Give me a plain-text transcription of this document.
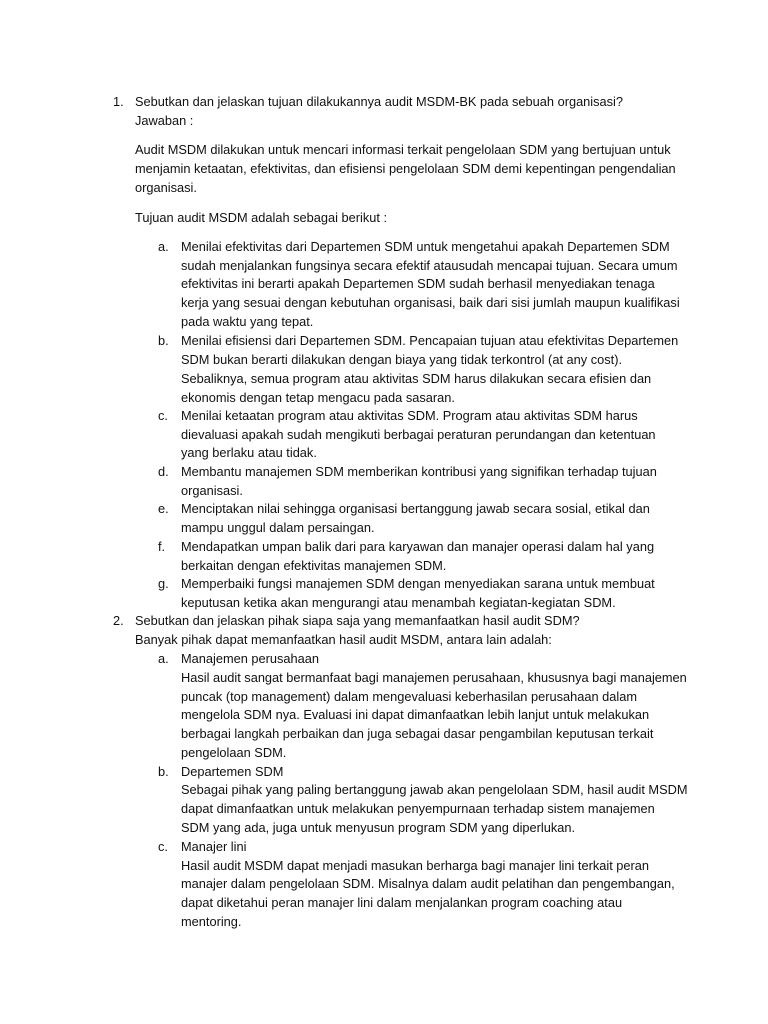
1. Sebutkan dan jelaskan tujuan dilakukannya audit MSDM-BK pada sebuah organisasi?
Jawaban :
Audit MSDM dilakukan untuk mencari informasi terkait pengelolaan SDM yang bertujuan untuk
menjamin ketaatan, efektivitas, dan efisiensi pengelolaan SDM demi kepentingan pengendalian
organisasi.
Tujuan audit MSDM adalah sebagai berikut :
a. Menilai efektivitas dari Departemen SDM untuk mengetahui apakah Departemen SDM
sudah menjalankan fungsinya secara efektif atausudah mencapai tujuan. Secara umum
efektivitas ini berarti apakah Departemen SDM sudah berhasil menyediakan tenaga
kerja yang sesuai dengan kebutuhan organisasi, baik dari sisi jumlah maupun kualifikasi
pada waktu yang tepat.
b. Menilai efisiensi dari Departemen SDM. Pencapaian tujuan atau efektivitas Departemen
SDM bukan berarti dilakukan dengan biaya yang tidak terkontrol (at any cost).
Sebaliknya, semua program atau aktivitas SDM harus dilakukan secara efisien dan
ekonomis dengan tetap mengacu pada sasaran.
c. Menilai ketaatan program atau aktivitas SDM. Program atau aktivitas SDM harus
dievaluasi apakah sudah mengikuti berbagai peraturan perundangan dan ketentuan
yang berlaku atau tidak.
d. Membantu manajemen SDM memberikan kontribusi yang signifikan terhadap tujuan
organisasi.
e. Menciptakan nilai sehingga organisasi bertanggung jawab secara sosial, etikal dan
mampu unggul dalam persaingan.
f. Mendapatkan umpan balik dari para karyawan dan manajer operasi dalam hal yang
berkaitan dengan efektivitas manajemen SDM.
g. Memperbaiki fungsi manajemen SDM dengan menyediakan sarana untuk membuat
keputusan ketika akan mengurangi atau menambah kegiatan-kegiatan SDM.
2. Sebutkan dan jelaskan pihak siapa saja yang memanfaatkan hasil audit SDM?
Banyak pihak dapat memanfaatkan hasil audit MSDM, antara lain adalah:
a. Manajemen perusahaan
Hasil audit sangat bermanfaat bagi manajemen perusahaan, khususnya bagi manajemen
puncak (top management) dalam mengevaluasi keberhasilan perusahaan dalam
mengelola SDM nya. Evaluasi ini dapat dimanfaatkan lebih lanjut untuk melakukan
berbagai langkah perbaikan dan juga sebagai dasar pengambilan keputusan terkait
pengelolaan SDM.
b. Departemen SDM
Sebagai pihak yang paling bertanggung jawab akan pengelolaan SDM, hasil audit MSDM
dapat dimanfaatkan untuk melakukan penyempurnaan terhadap sistem manajemen
SDM yang ada, juga untuk menyusun program SDM yang diperlukan.
c. Manajer lini
Hasil audit MSDM dapat menjadi masukan berharga bagi manajer lini terkait peran
manajer dalam pengelolaan SDM. Misalnya dalam audit pelatihan dan pengembangan,
dapat diketahui peran manajer lini dalam menjalankan program coaching atau
mentoring.
